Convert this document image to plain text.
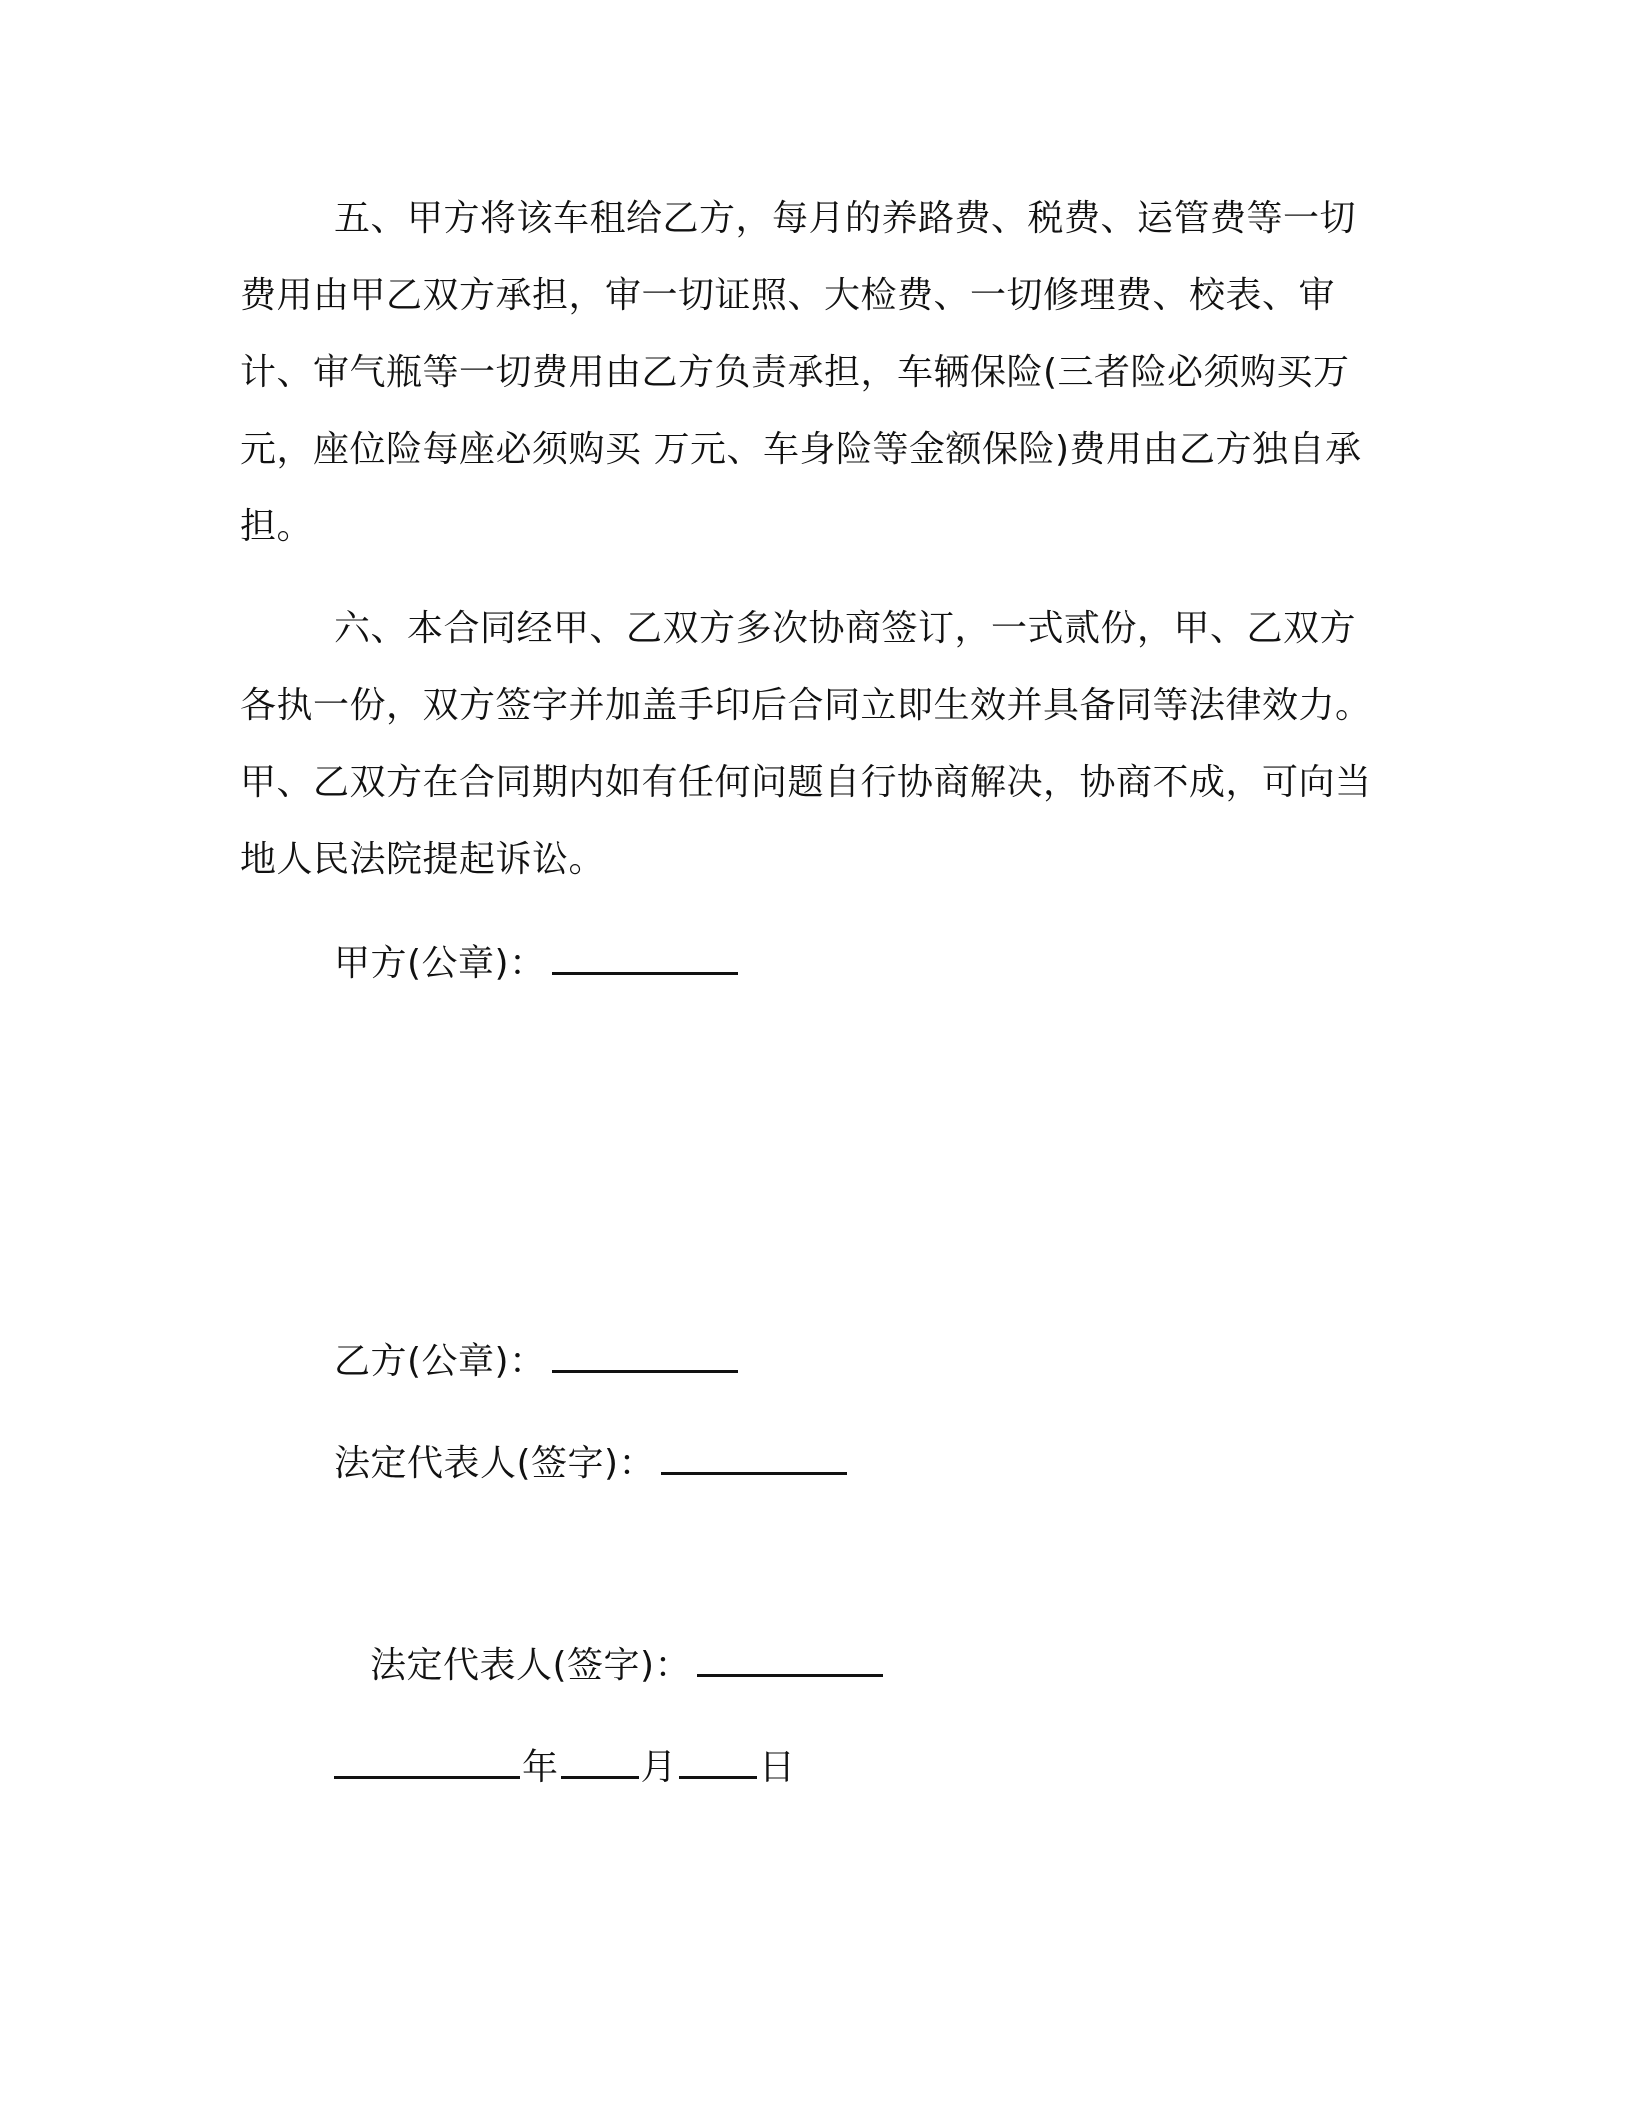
五、甲方将该车租给乙方，每月的养路费、税费、运管费等一切费用由甲乙双方承担，审一切证照、大检费、一切修理费、校表、审计、审气瓶等一切费用由乙方负责承担，车辆保险(三者险必须购买万元，座位险每座必须购买 万元、车身险等金额保险)费用由乙方独自承担。
六、本合同经甲、乙双方多次协商签订，一式贰份，甲、乙双方各执一份，双方签字并加盖手印后合同立即生效并具备同等法律效力。甲、乙双方在合同期内如有任何问题自行协商解决，协商不成，可向当地人民法院提起诉讼。
甲方(公章)：
乙方(公章)：
法定代表人(签字)：
法定代表人(签字)：
年 月 日
